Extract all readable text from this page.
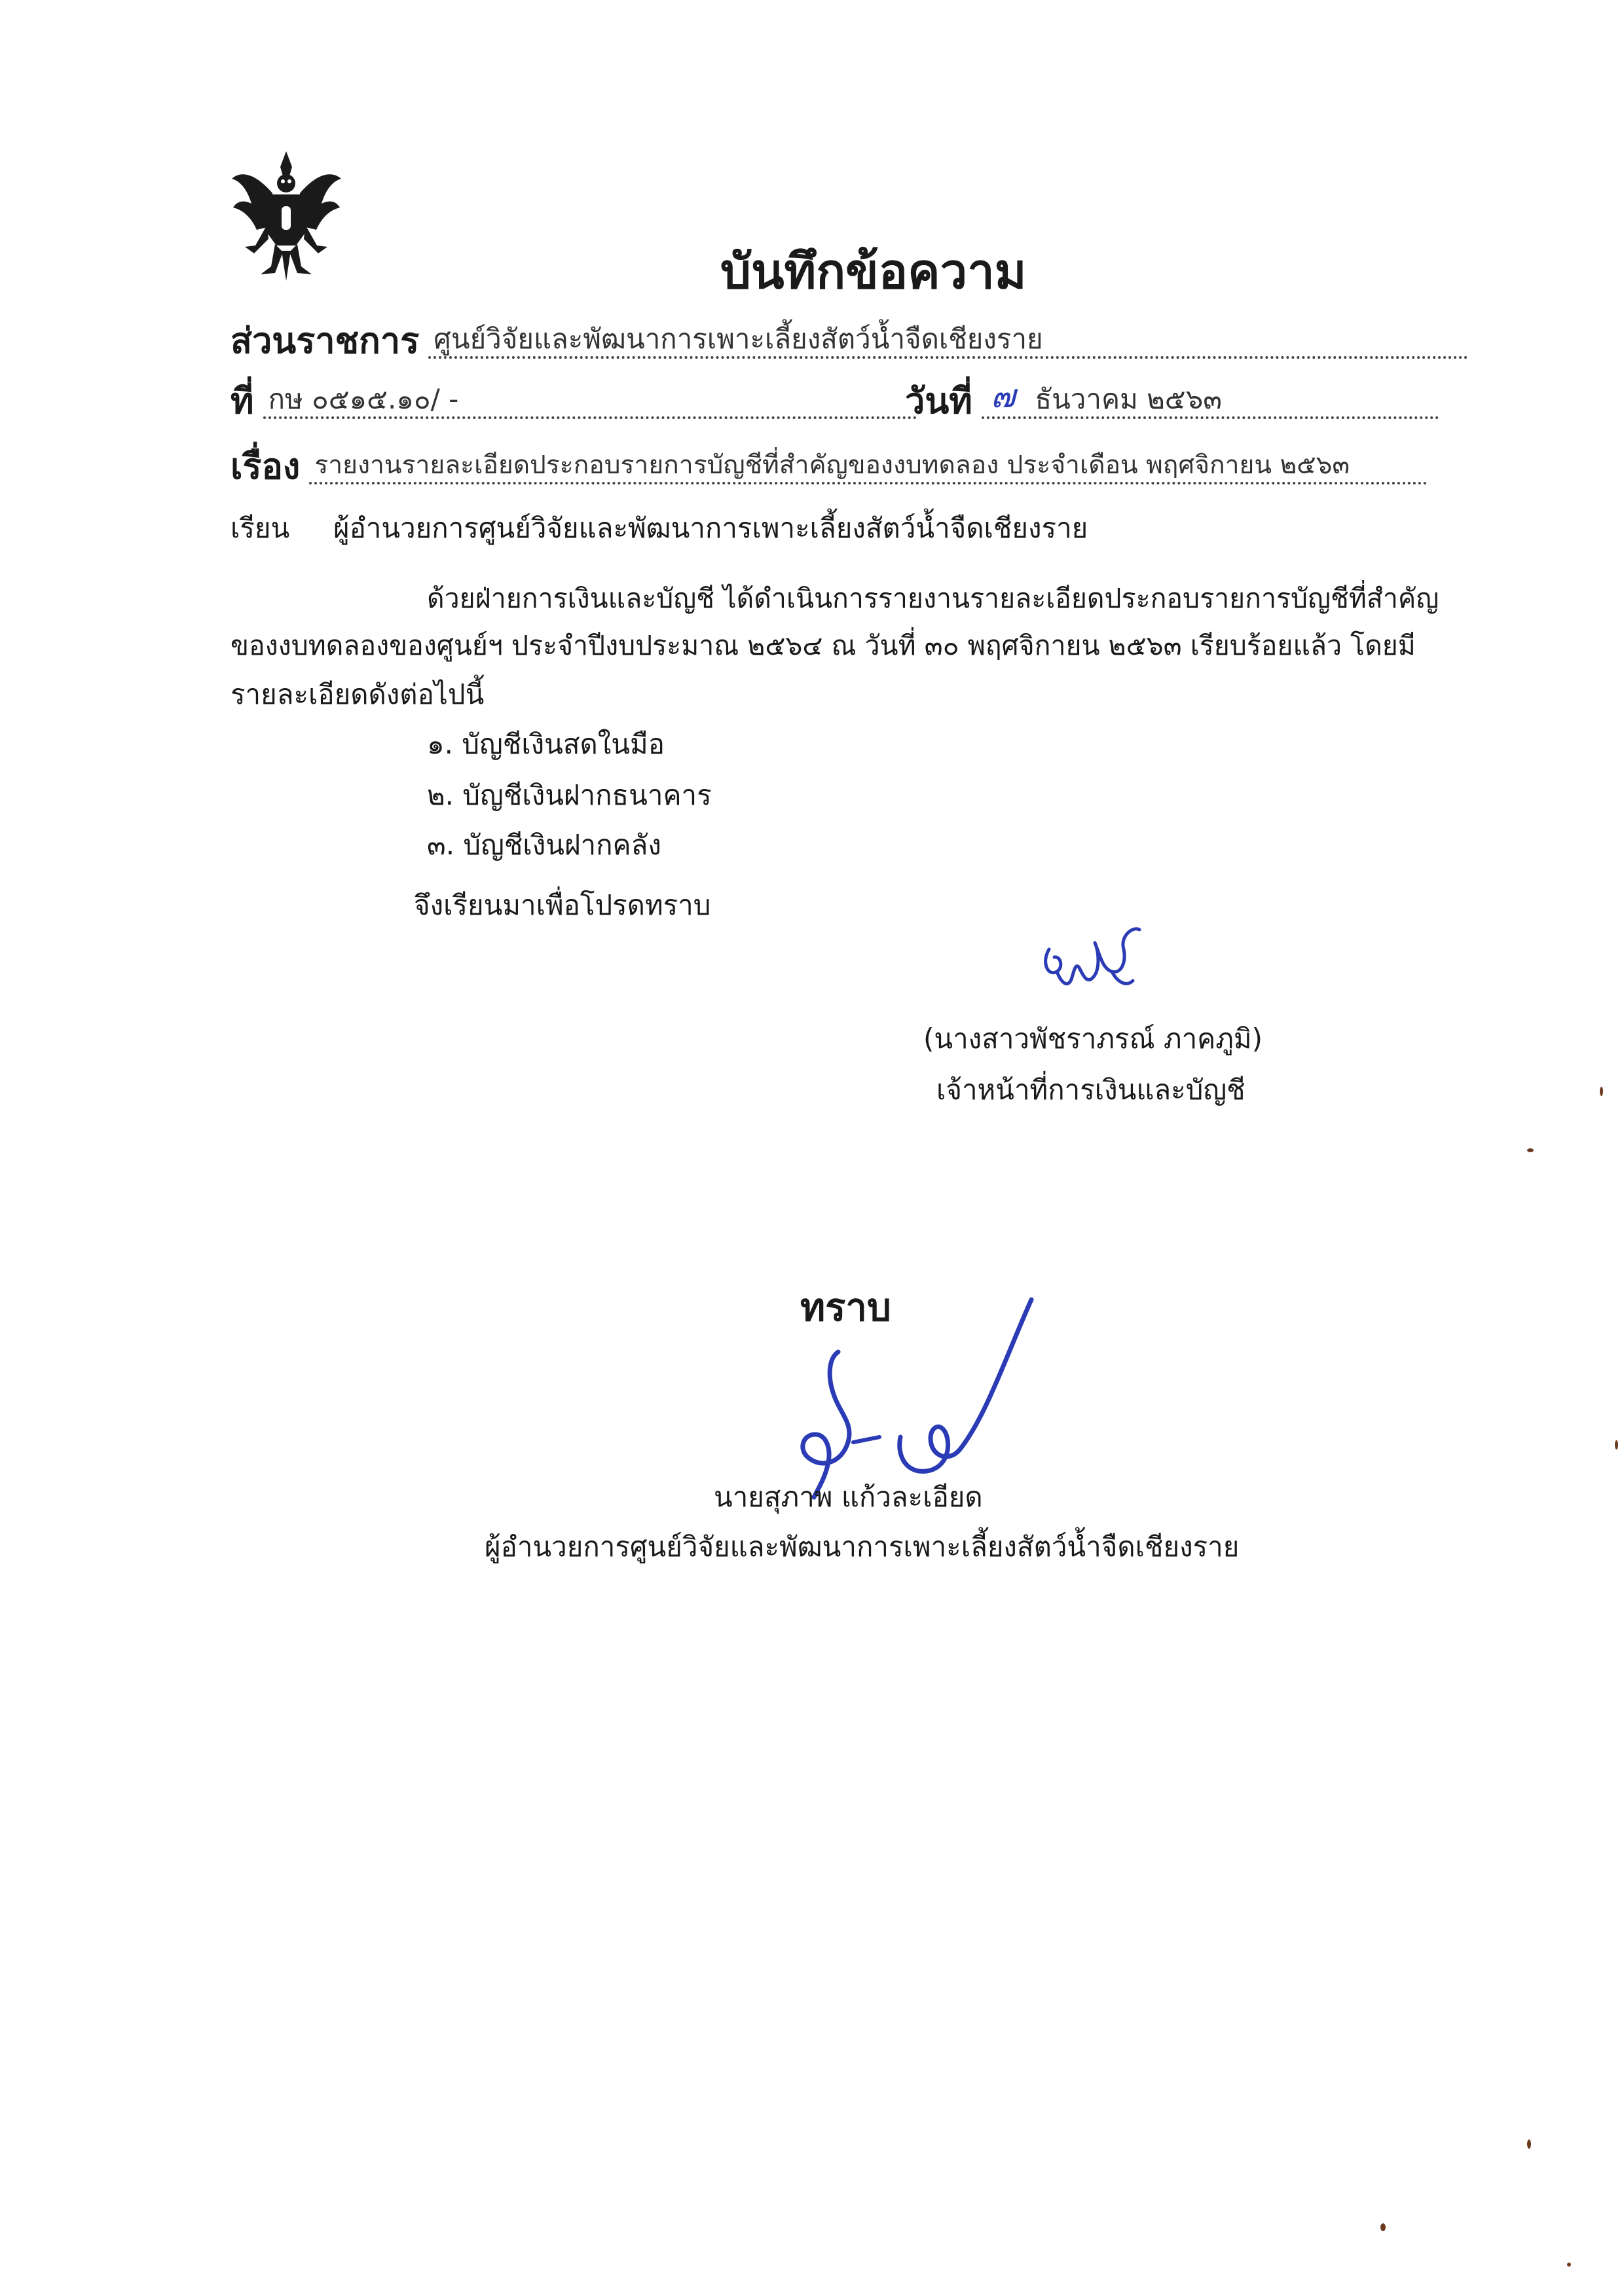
บันทึกข้อความ
ส่วนราชการ ศูนย์วิจัยและพัฒนาการเพาะเลี้ยงสัตว์น้ำจืดเชียงราย
ที่ กษ ๐๕๑๕.๑๐/ -	วันที่ ๗ ธันวาคม ๒๕๖๓
เรื่อง รายงานรายละเอียดประกอบรายการบัญชีที่สำคัญของงบทดลอง ประจำเดือน พฤศจิกายน ๒๕๖๓
เรียน ผู้อำนวยการศูนย์วิจัยและพัฒนาการเพาะเลี้ยงสัตว์น้ำจืดเชียงราย
ด้วยฝ่ายการเงินและบัญชี ได้ดำเนินการรายงานรายละเอียดประกอบรายการบัญชีที่สำคัญ
ของงบทดลองของศูนย์ฯ ประจำปีงบประมาณ ๒๕๖๔ ณ วันที่ ๓๐ พฤศจิกายน ๒๕๖๓ เรียบร้อยแล้ว โดยมี
รายละเอียดดังต่อไปนี้
๑. บัญชีเงินสดในมือ
๒. บัญชีเงินฝากธนาคาร
๓. บัญชีเงินฝากคลัง
จึงเรียนมาเพื่อโปรดทราบ
(นางสาวพัชราภรณ์ ภาคภูมิ)
เจ้าหน้าที่การเงินและบัญชี
ทราบ
นายสุภาพ แก้วละเอียด
ผู้อำนวยการศูนย์วิจัยและพัฒนาการเพาะเลี้ยงสัตว์น้ำจืดเชียงราย
